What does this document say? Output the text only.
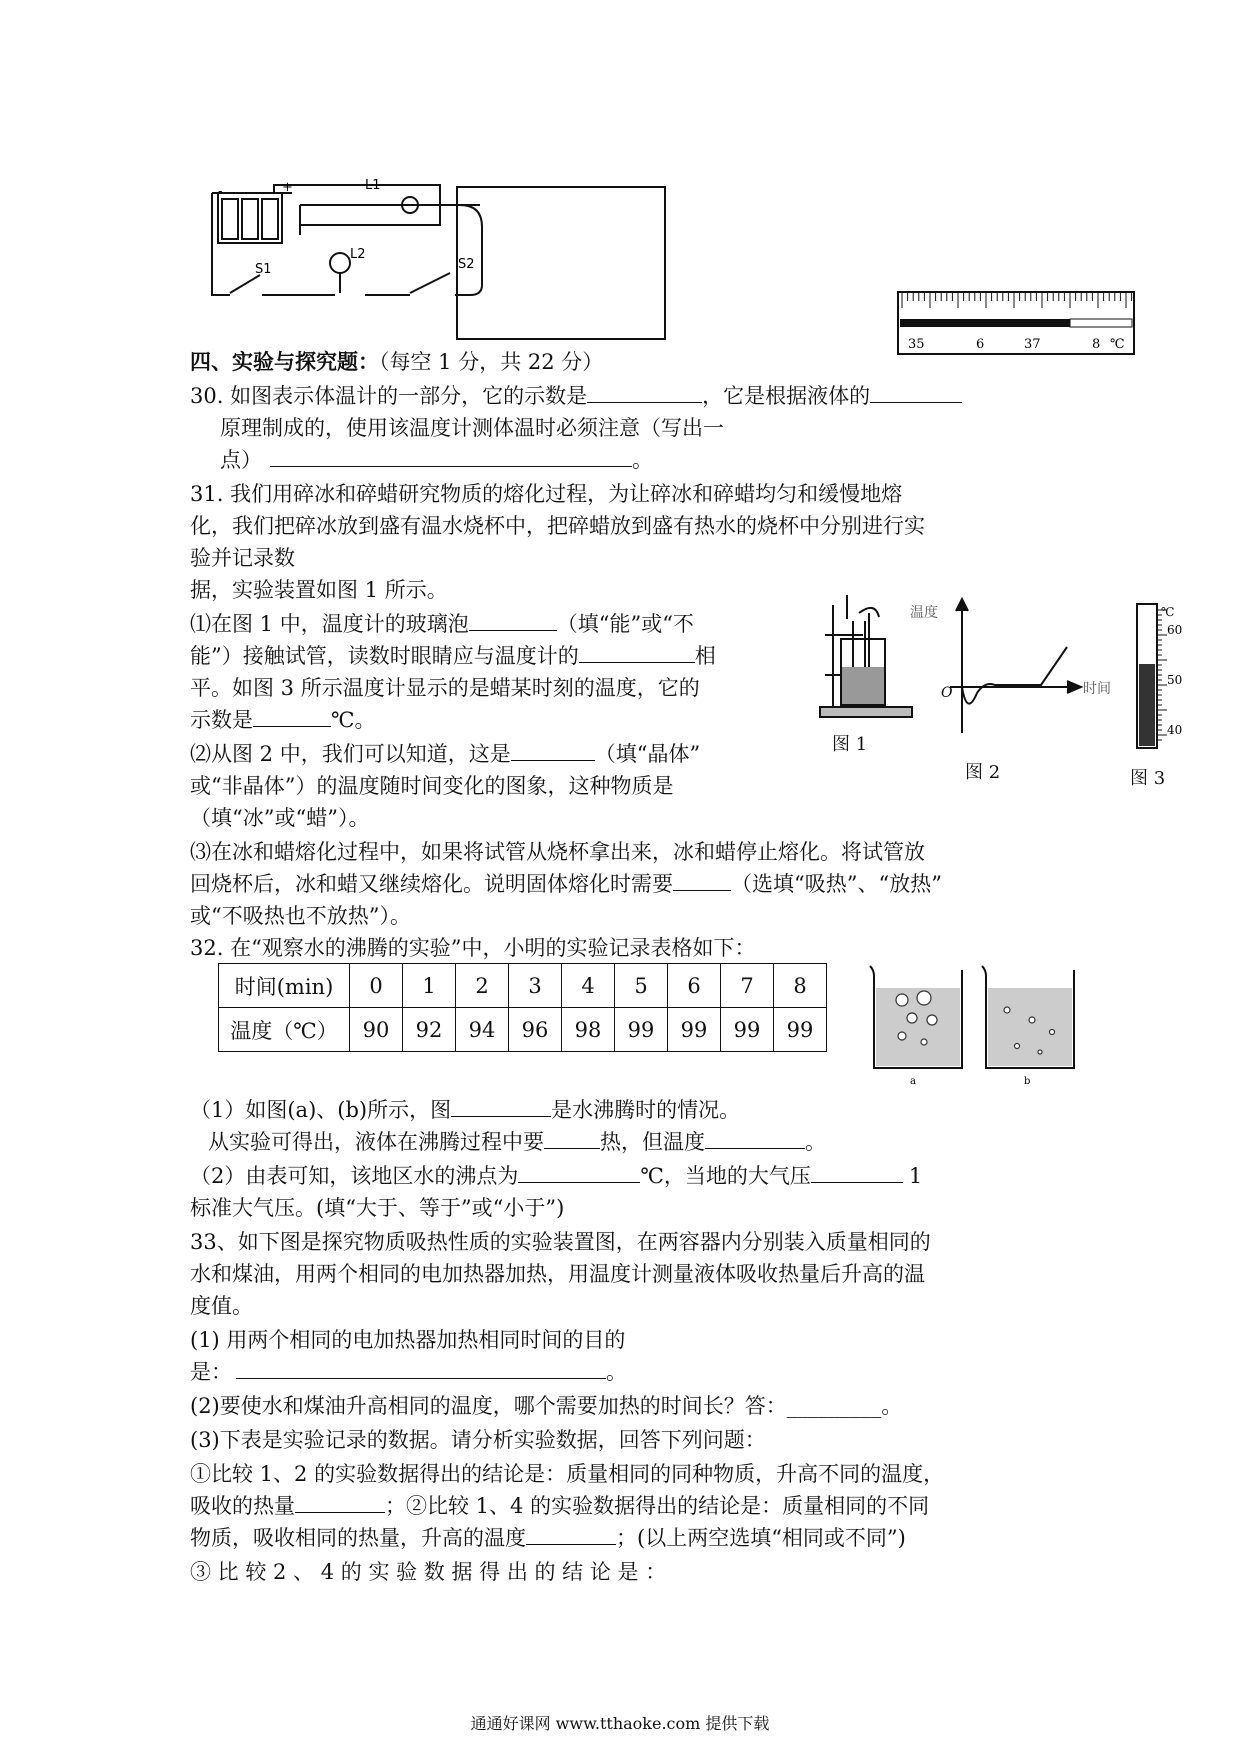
L1
L2
S1	S2
-	+
35	6	37	8 ℃
四、实验与探究题：（每空 1 分，共 22 分）
30. 如图表示体温计的一部分，它的示数是	，它是根据液体的
原理制成的，使用该温度计测体温时必须注意（写出一
点）	。
31. 我们用碎冰和碎蜡研究物质的熔化过程，为让碎冰和碎蜡均匀和缓慢地熔
化，我们把碎冰放到盛有温水烧杯中，把碎蜡放到盛有热水的烧杯中分别进行实
验并记录数
据，实验装置如图 1 所示。
⑴在图 1 中，温度计的玻璃泡	（填“能”或“不
能”）接触试管，读数时眼睛应与温度计的	相
平。如图 3 所示温度计显示的是蜡某时刻的温度，它的
示数是	℃。
⑵从图 2 中，我们可以知道，这是	（填“晶体”
或“非晶体”）的温度随时间变化的图象，这种物质是
（填“冰”或“蜡”）。
⑶在冰和蜡熔化过程中，如果将试管从烧杯拿出来，冰和蜡停止熔化。将试管放
回烧杯后，冰和蜡又继续熔化。说明固体熔化时需要	（选填“吸热”、“放热”
或“不吸热也不放热”）。
图 1
温度
时间
O
图 2
℃
60
50
40
图 3
32. 在“观察水的沸腾的实验”中，小明的实验记录表格如下：
时间(min)	0	1	2	3	4	5	6	7	8
温度（℃）	90	92	94	96	98	99	99	99	99
a	b
（1）如图(a)、(b)所示，图	是水沸腾时的情况。
从实验可得出，液体在沸腾过程中要	热，但温度	。
（2）由表可知，该地区水的沸点为	℃，当地的大气压	1
标准大气压。(填“大于、等于”或“小于”)
33、如下图是探究物质吸热性质的实验装置图，在两容器内分别装入质量相同的
水和煤油，用两个相同的电加热器加热，用温度计测量液体吸收热量后升高的温
度值。
(1) 用两个相同的电加热器加热相同时间的目的
是：	。
(2)要使水和煤油升高相同的温度，哪个需要加热的时间长？答：_________。
(3)下表是实验记录的数据。请分析实验数据，回答下列问题：
①比较 1、2 的实验数据得出的结论是：质量相同的同种物质，升高不同的温度，
吸收的热量	；②比较 1、4 的实验数据得出的结论是：质量相同的不同
物质，吸收相同的热量，升高的温度	；(以上两空选填“相同或不同”)
③ 比 较 2 、 4 的 实 验 数 据 得 出 的 结 论 是 ：
通通好课网 www.tthaoke.com 提供下载
